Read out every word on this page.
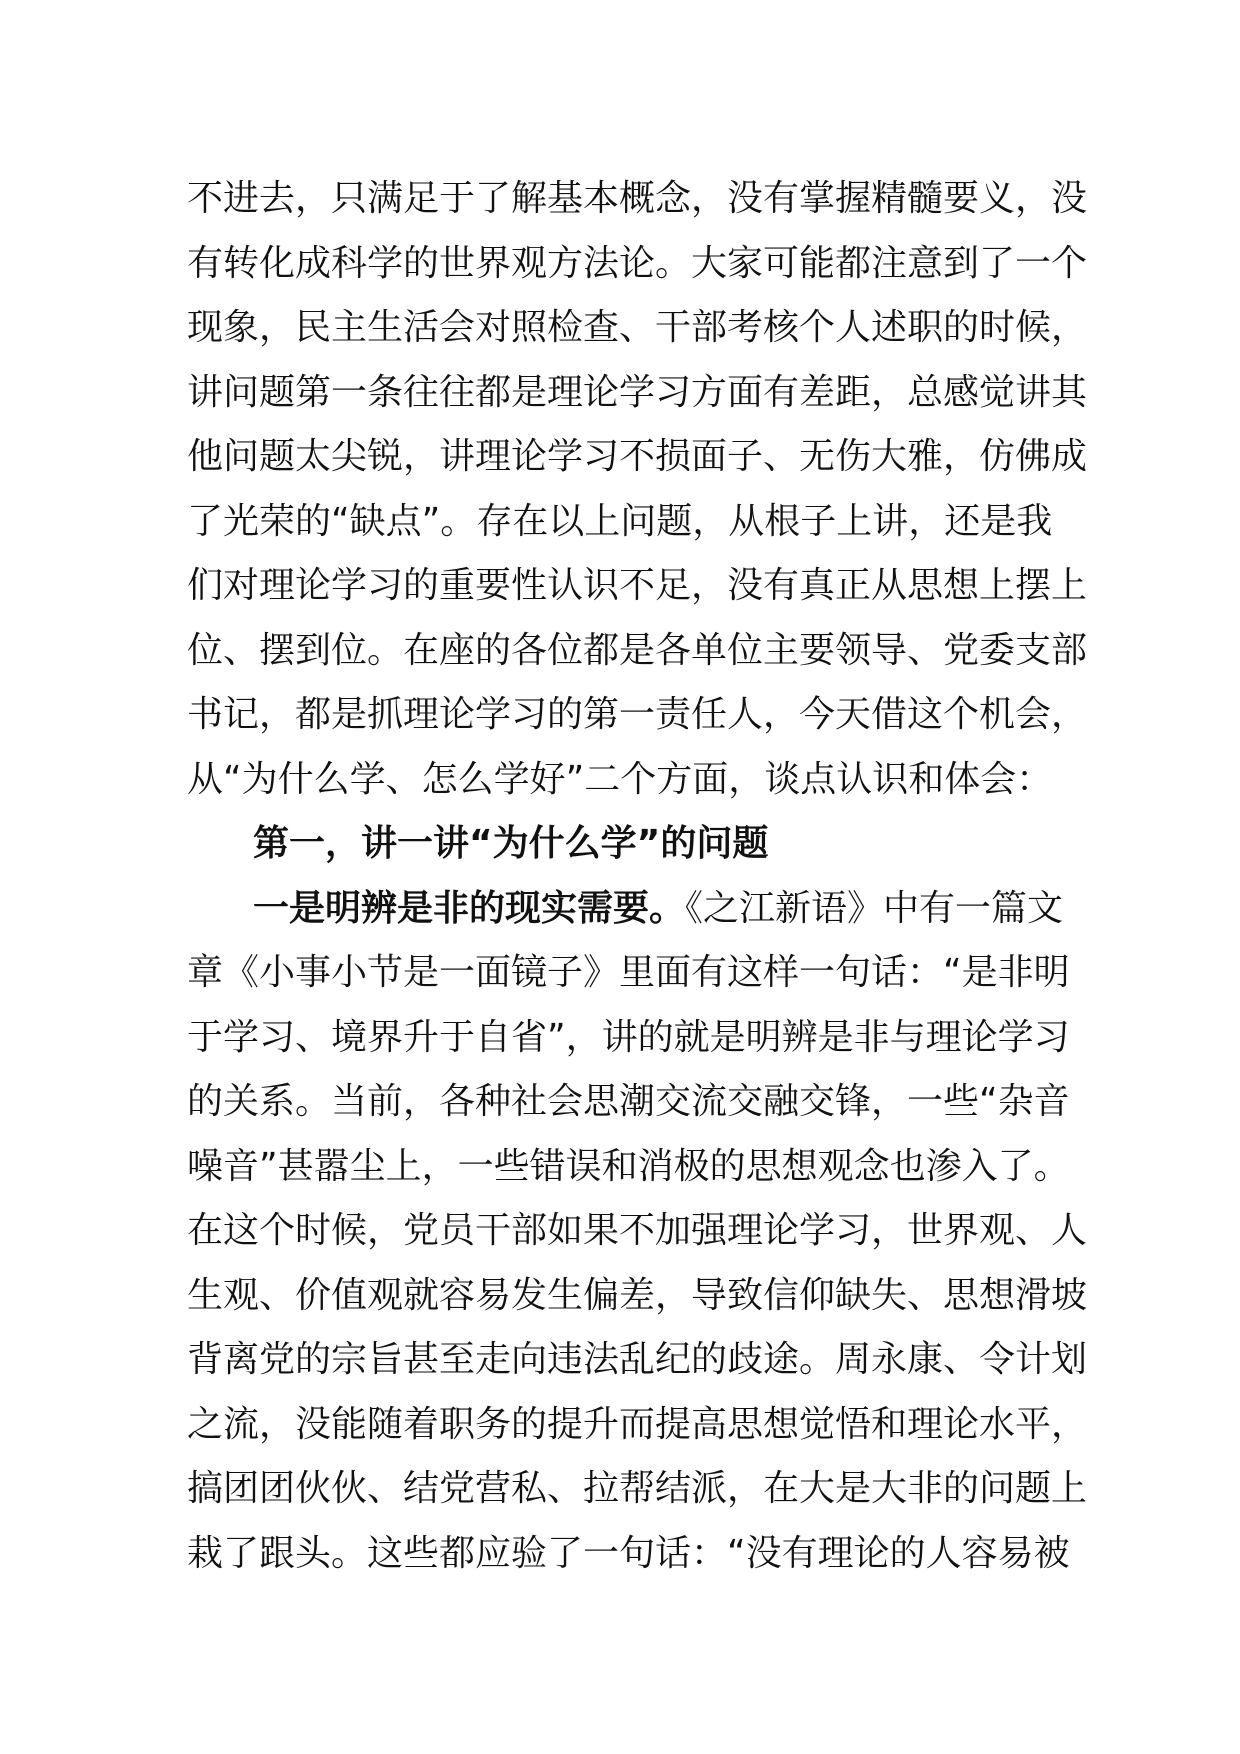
不进去，只满足于了解基本概念，没有掌握精髓要义，没
有转化成科学的世界观方法论。大家可能都注意到了一个
现象，民主生活会对照检查、干部考核个人述职的时候，
讲问题第一条往往都是理论学习方面有差距，总感觉讲其
他问题太尖锐，讲理论学习不损面子、无伤大雅，仿佛成
了光荣的“缺点”。存在以上问题，从根子上讲，还是我
们对理论学习的重要性认识不足，没有真正从思想上摆上
位、摆到位。在座的各位都是各单位主要领导、党委支部
书记，都是抓理论学习的第一责任人，今天借这个机会，
从“为什么学、怎么学好”二个方面，谈点认识和体会：
第一，讲一讲“为什么学”的问题
一是明辨是非的现实需要。《之江新语》中有一篇文
章《小事小节是一面镜子》里面有这样一句话：“是非明
于学习、境界升于自省”，讲的就是明辨是非与理论学习
的关系。当前，各种社会思潮交流交融交锋，一些“杂音
噪音”甚嚣尘上，一些错误和消极的思想观念也渗入了。
在这个时候，党员干部如果不加强理论学习，世界观、人
生观、价值观就容易发生偏差，导致信仰缺失、思想滑坡
背离党的宗旨甚至走向违法乱纪的歧途。周永康、令计划
之流，没能随着职务的提升而提高思想觉悟和理论水平，
搞团团伙伙、结党营私、拉帮结派，在大是大非的问题上
栽了跟头。这些都应验了一句话：“没有理论的人容易被
